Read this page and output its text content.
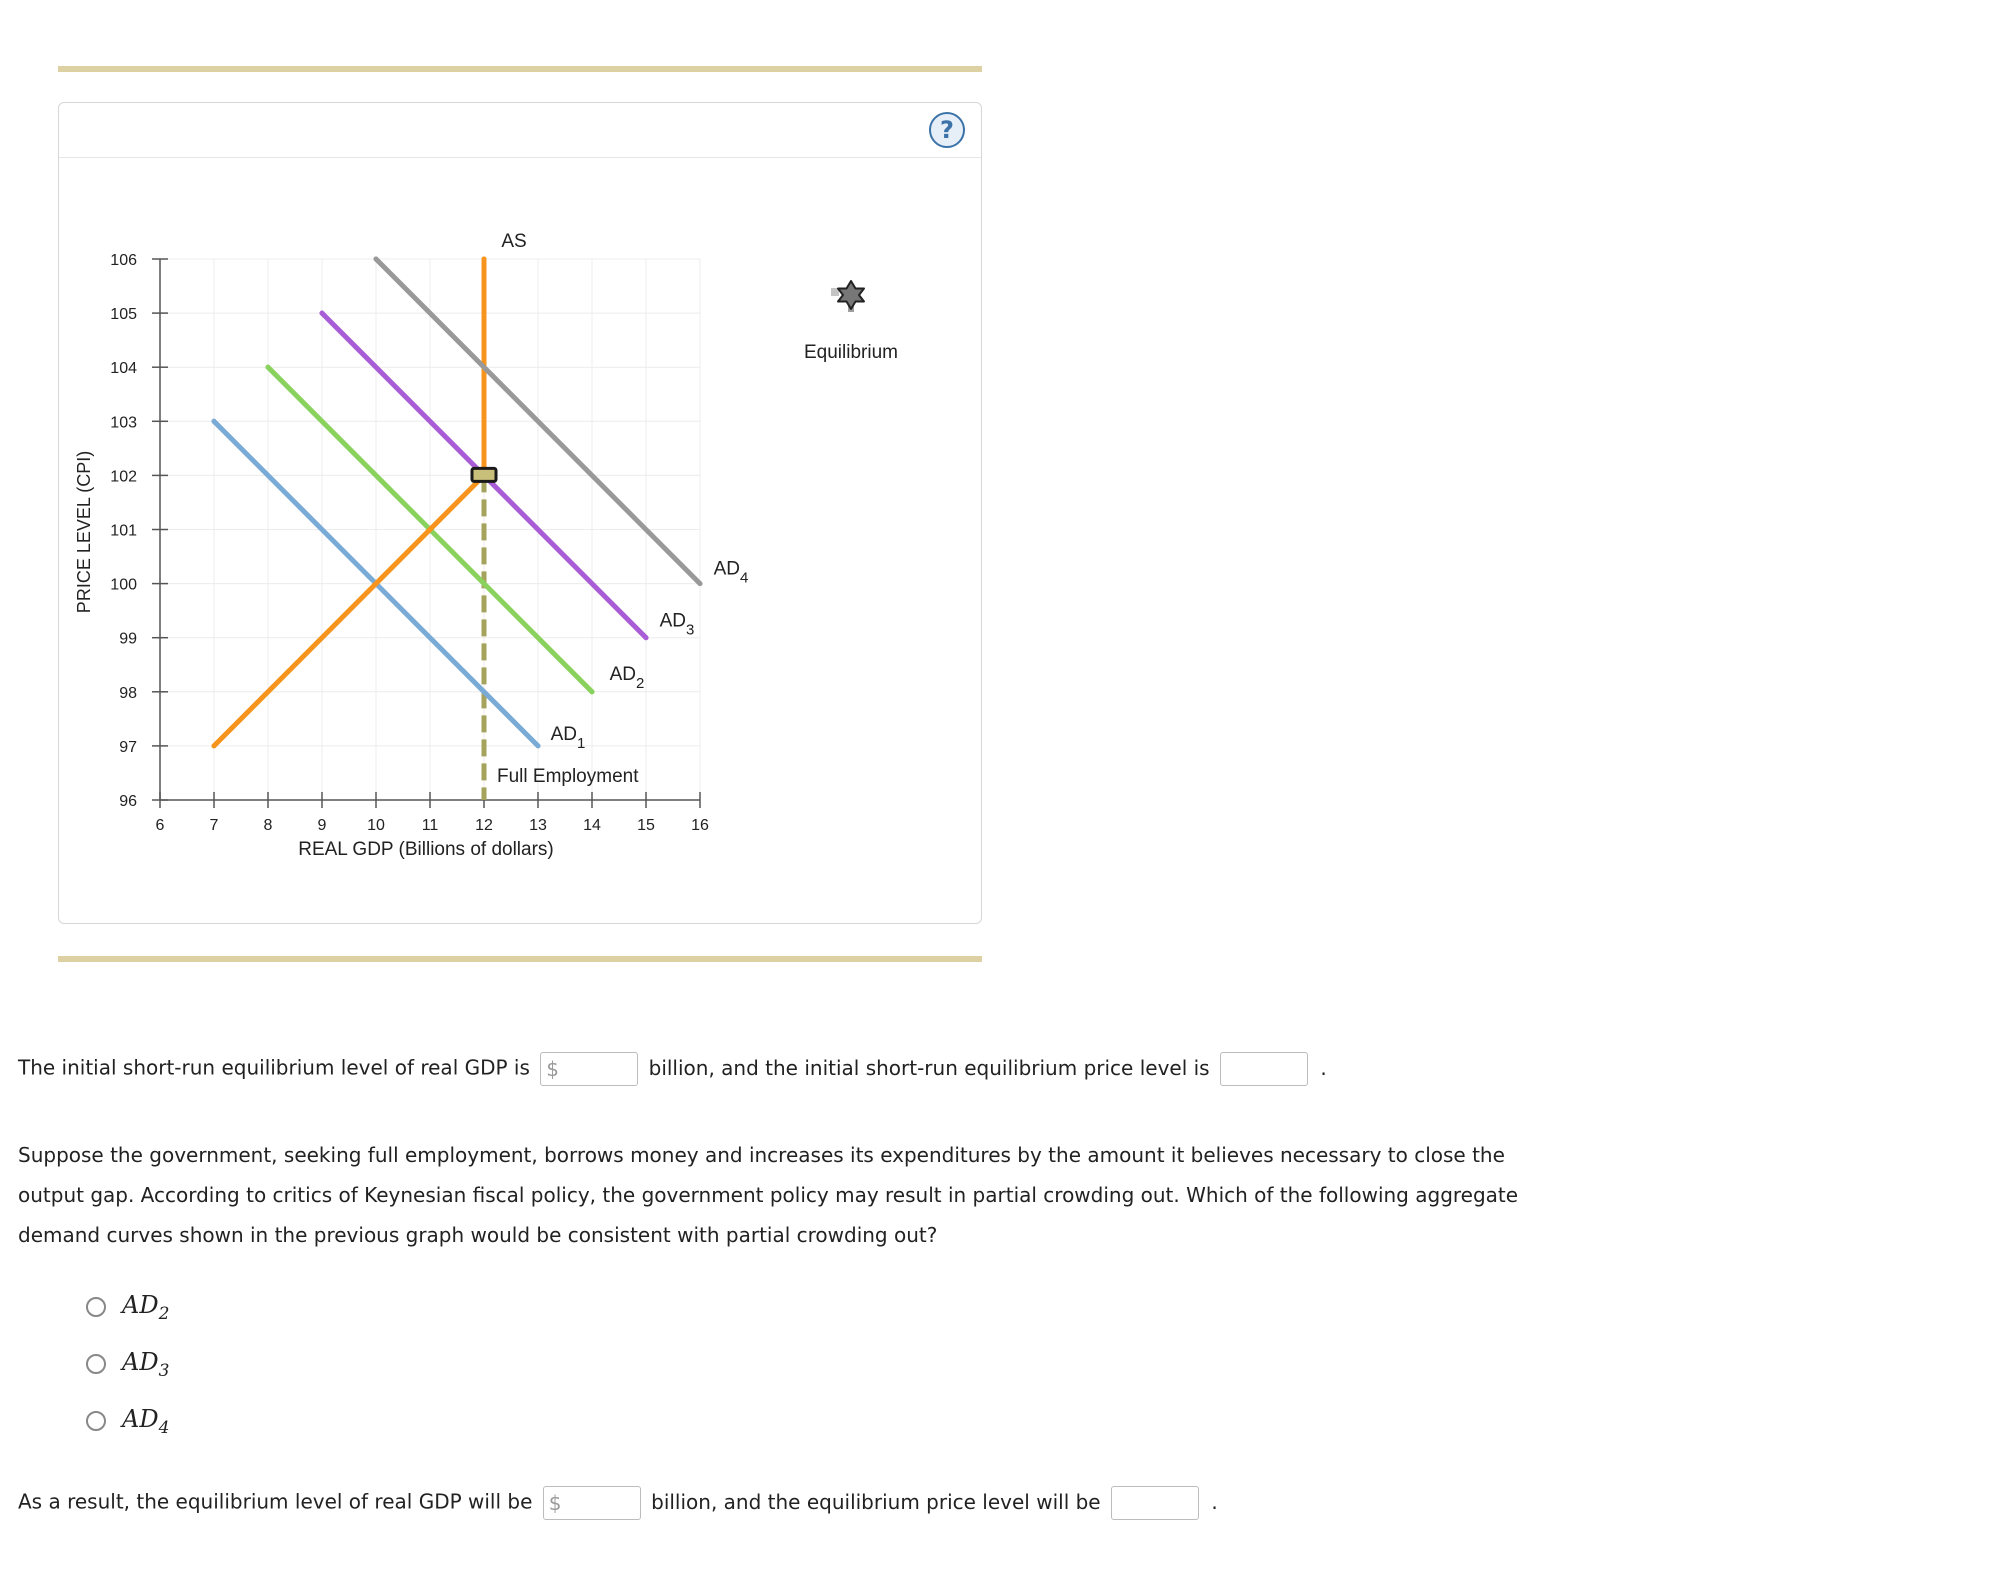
?
96
97
98
99
100
101
102
103
104
105
106
6	7	8	9	10 11 12 13 14 15 16
$AD_1$
$AD_2$
AS
$AD_3$
$AD_4$
PRICE LEVEL (CPI)
REAL GDP (Billions of dollars)
Full Employment
Equilibrium
The initial short-run equilibrium level of real GDP is $	billion, and the initial short-run equilibrium price level is	.
Suppose the government, seeking full employment, borrows money and increases its expenditures by the amount it believes necessary to close the output gap. According to critics of Keynesian fiscal policy, the government policy may result in partial crowding out. Which of the following aggregate demand curves shown in the previous graph would be consistent with partial crowding out?
$AD_2$
$AD_3$
$AD_4$
As a result, the equilibrium level of real GDP will be $	billion, and the equilibrium price level will be	.
